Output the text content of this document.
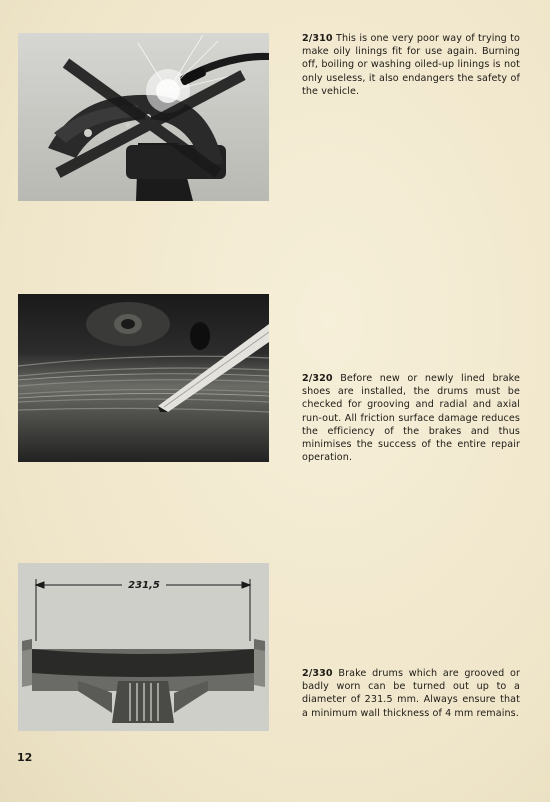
231,5

2/310 This is one very poor way of trying to make oily linings fit for use again. Burning off, boiling or washing oiled-up linings is not only useless, it also endangers the safety of the vehicle.

2/320 Before new or newly lined brake shoes are installed, the drums must be checked for grooving and radial and axial run-out. All friction surface damage reduces the efficiency of the brakes and thus minimises the success of the entire repair operation.

2/330 Brake drums which are grooved or badly worn can be turned out up to a diameter of 231.5 mm. Always ensure that a minimum wall thickness of 4 mm remains.

12
